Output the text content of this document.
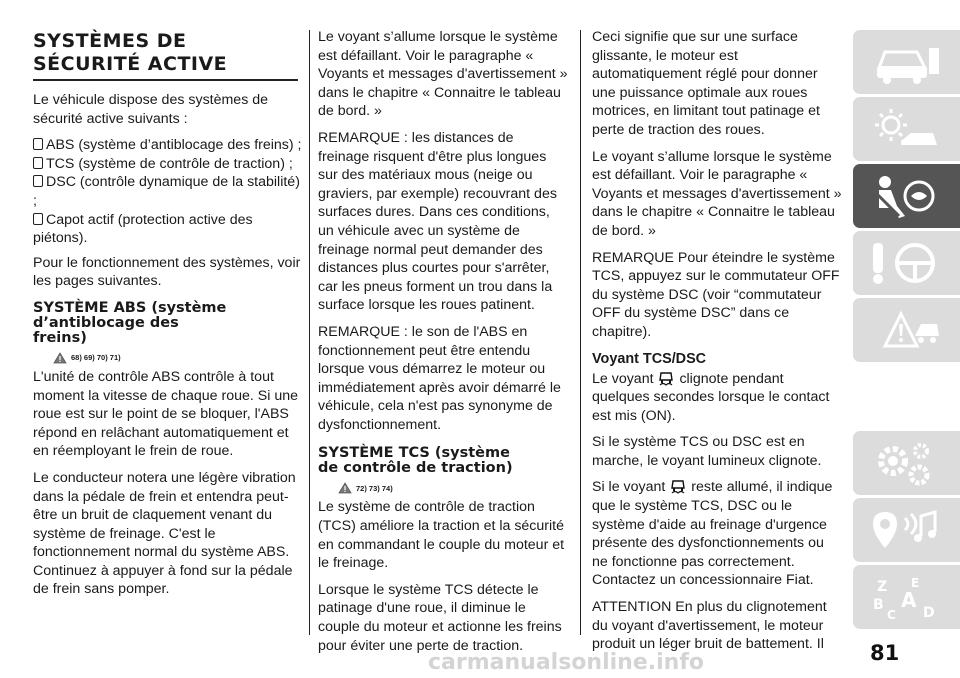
SYSTÈMES DE
SÉCURITÉ ACTIVE

Le véhicule dispose des systèmes de sécurité active suivants :

ABS (système d’antiblocage des freins) ;

TCS (système de contrôle de traction) ;

DSC (contrôle dynamique de la stabilité) ;

Capot actif (protection active des piétons).

Pour le fonctionnement des systèmes, voir les pages suivantes.

SYSTÈME ABS (système
d’antiblocage des
freins)
68) 69) 70) 71)

L'unité de contrôle ABS contrôle à tout moment la vitesse de chaque roue. Si une roue est sur le point de se bloquer, l'ABS répond en relâchant automatiquement et en réemployant le frein de roue.

Le conducteur notera une légère vibration dans la pédale de frein et entendra peut-être un bruit de claquement venant du système de freinage. C'est le fonctionnement normal du système ABS. Continuez à appuyer à fond sur la pédale de frein sans pomper.

Le voyant s’allume lorsque le système est défaillant. Voir le paragraphe « Voyants et messages d'avertissement » dans le chapitre « Connaitre le tableau de bord. »

REMARQUE : les distances de freinage risquent d'être plus longues sur des matériaux mous (neige ou graviers, par exemple) recouvrant des surfaces dures. Dans ces conditions, un véhicule avec un système de freinage normal peut demander des distances plus courtes pour s'arrêter, car les pneus forment un trou dans la surface lorsque les roues patinent.

REMARQUE : le son de l'ABS en fonctionnement peut être entendu lorsque vous démarrez le moteur ou immédiatement après avoir démarré le véhicule, cela n'est pas synonyme de dysfonctionnement.

SYSTÈME TCS (système
de contrôle de traction)
72) 73) 74)

Le système de contrôle de traction (TCS) améliore la traction et la sécurité en commandant le couple du moteur et le freinage.

Lorsque le système TCS détecte le patinage d'une roue, il diminue le couple du moteur et actionne les freins pour éviter une perte de traction.

Ceci signifie que sur une surface glissante, le moteur est automatiquement réglé pour donner une puissance optimale aux roues motrices, en limitant tout patinage et perte de traction des roues.

Le voyant s’allume lorsque le système est défaillant. Voir le paragraphe « Voyants et messages d'avertissement » dans le chapitre « Connaitre le tableau de bord. »

REMARQUE Pour éteindre le système TCS, appuyez sur le commutateur OFF du système DSC (voir “commutateur OFF du système DSC” dans ce chapitre).

Voyant TCS/DSC

Le voyant clignote pendant quelques secondes lorsque le contact est mis (ON).

Si le système TCS ou DSC est en marche, le voyant lumineux clignote.

Si le voyant reste allumé, il indique que le système TCS, DSC ou le système d'aide au freinage d'urgence présente des dysfonctionnements ou ne fonctionne pas correctement. Contactez un concessionnaire Fiat.

ATTENTION En plus du clignotement du voyant d'avertissement, le moteur produit un léger bruit de battement. Il

Z E
B A
C D
81
carmanualsonline.info
